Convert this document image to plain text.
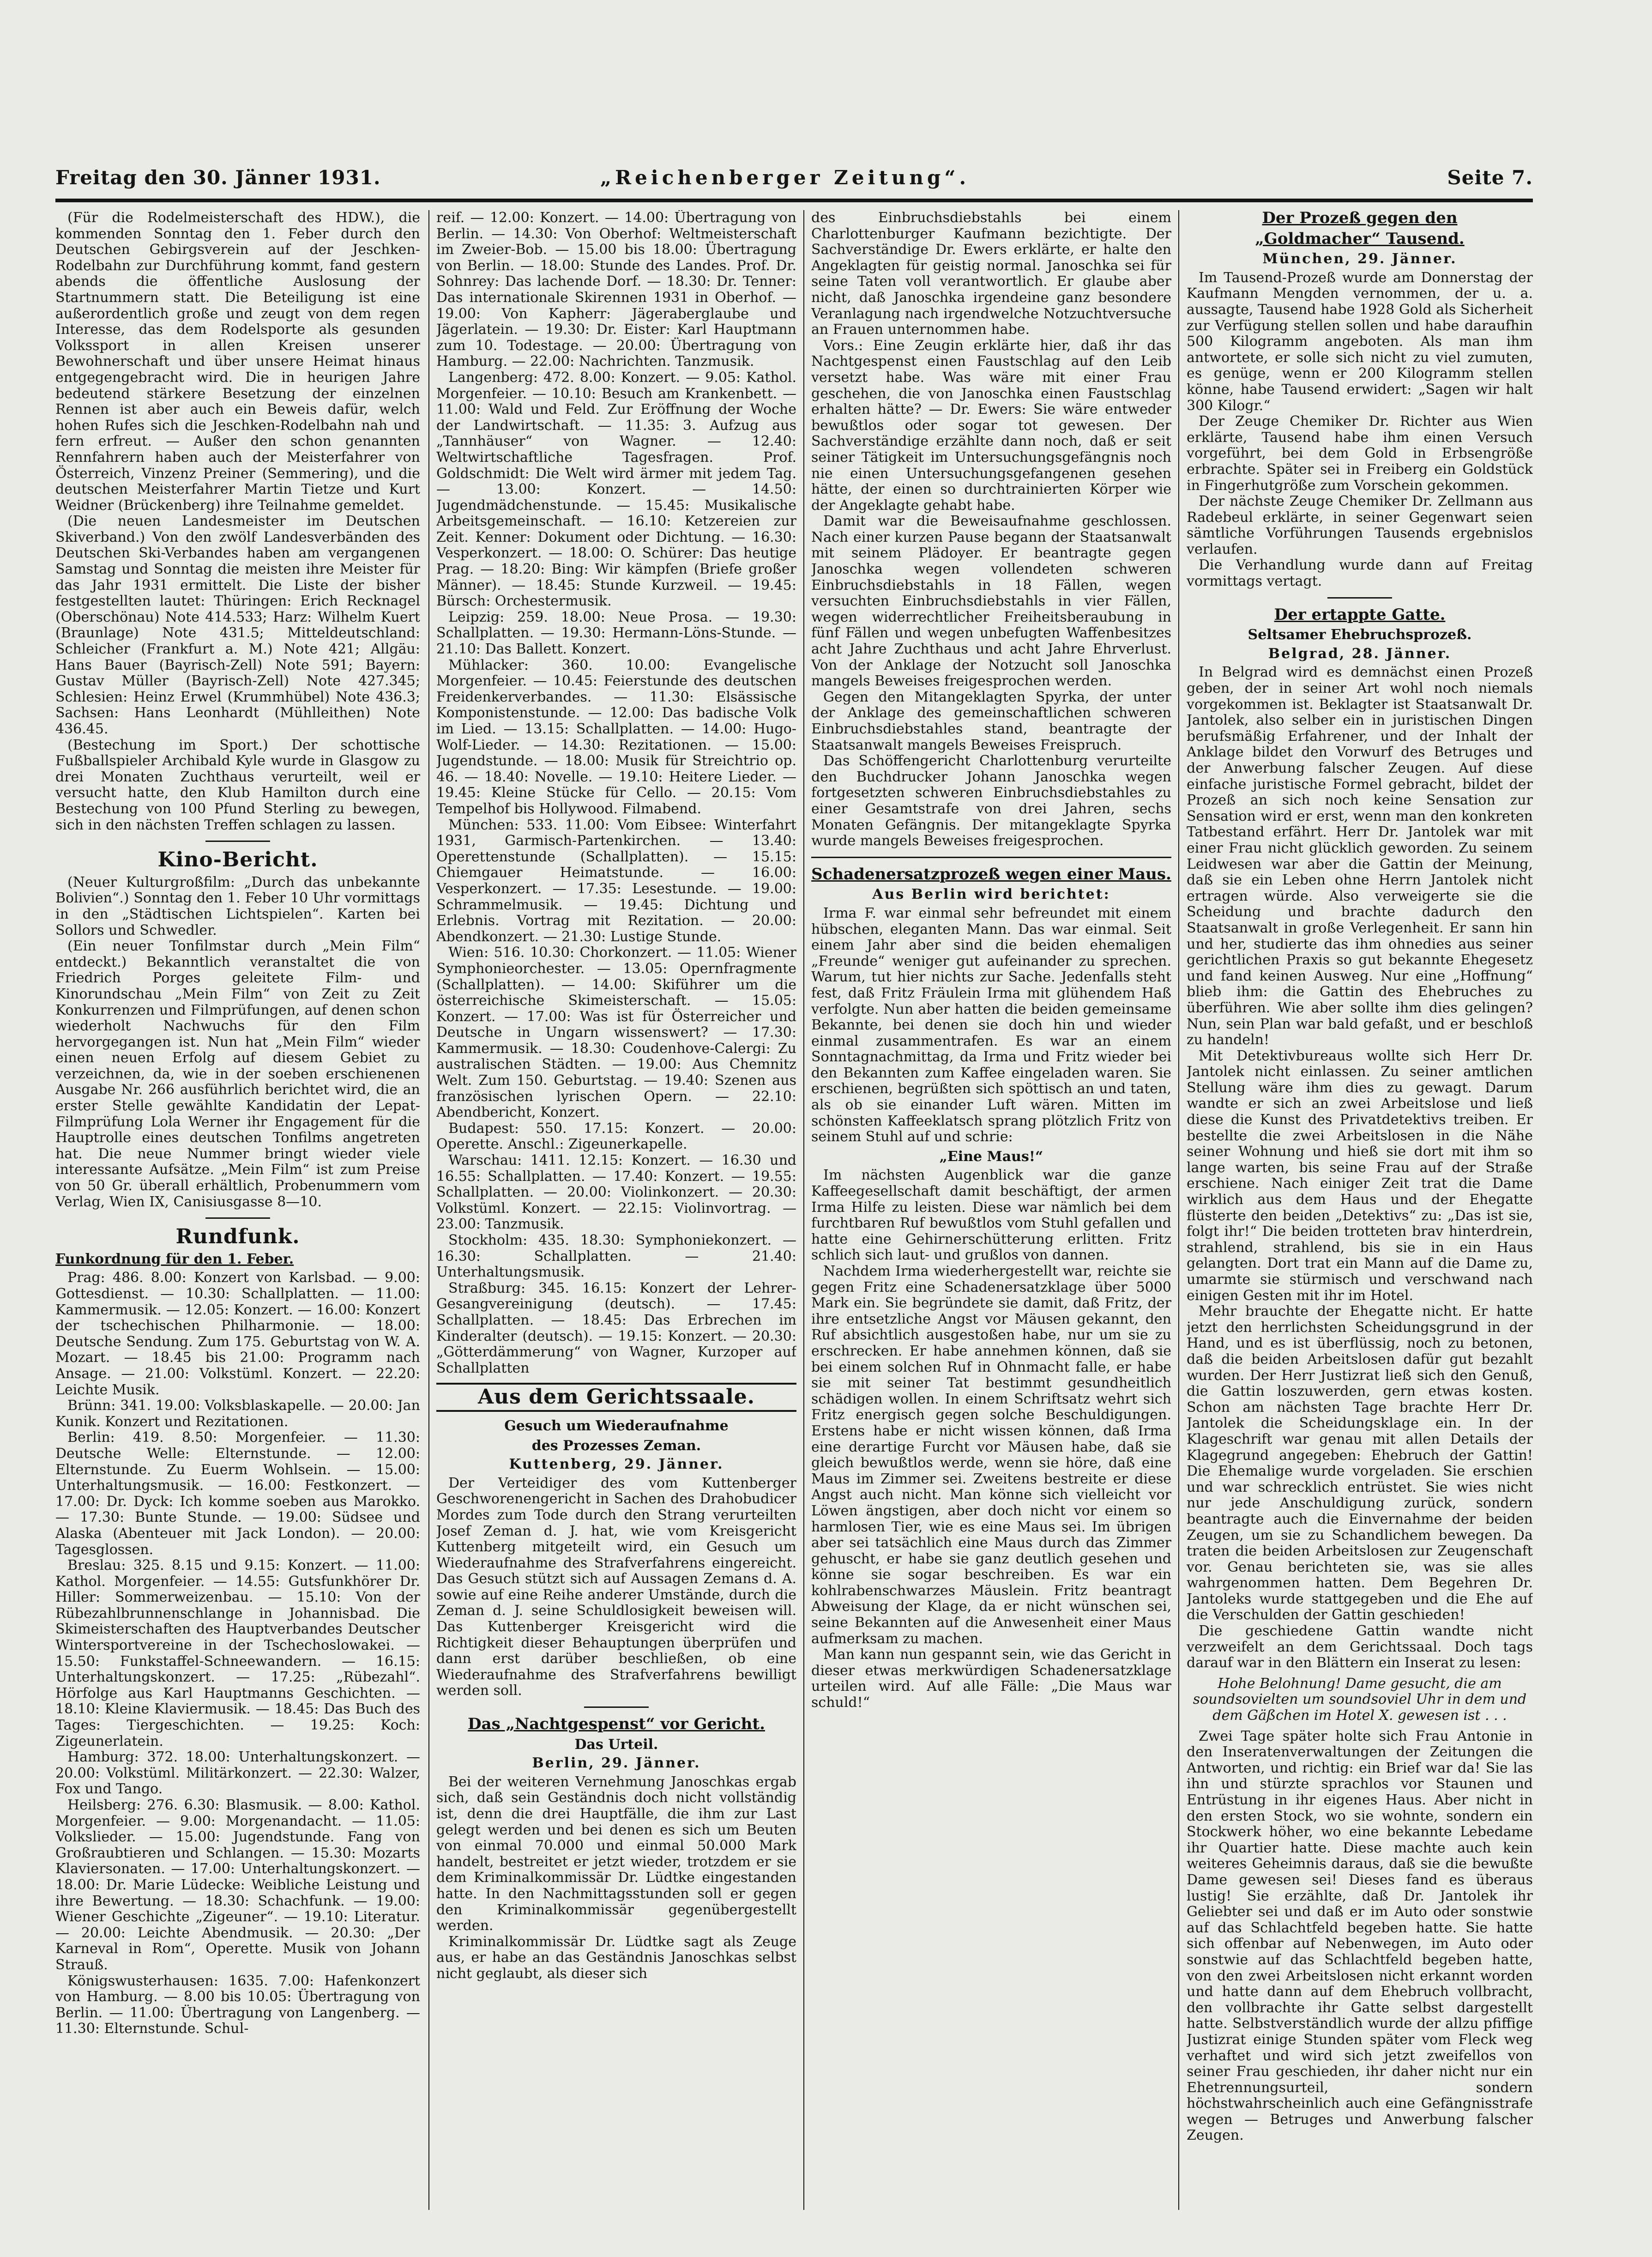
Freitag den 30. Jänner 1931.	„Reichenberger Zeitung“.	Seite 7.

(Für die Rodelmeisterschaft des HDW.), die kommenden Sonntag den 1. Feber durch den Deutschen Gebirgsverein auf der Jeschken-Rodelbahn zur Durchführung kommt, fand gestern abends die öffentliche Auslosung der Startnummern statt. Die Beteiligung ist eine außerordentlich große und zeugt von dem regen Interesse, das dem Rodelsporte als gesunden Volkssport in allen Kreisen unserer Bewohnerschaft und über unsere Heimat hinaus entgegengebracht wird. Die in heurigen Jahre bedeutend stärkere Besetzung der einzelnen Rennen ist aber auch ein Beweis dafür, welch hohen Rufes sich die Jeschken-Rodelbahn nah und fern erfreut. — Außer den schon genannten Rennfahrern haben auch der Meisterfahrer von Österreich, Vinzenz Preiner (Semmering), und die deutschen Meisterfahrer Martin Tietze und Kurt Weidner (Brückenberg) ihre Teilnahme gemeldet.

(Die neuen Landesmeister im Deutschen Skiverband.) Von den zwölf Landesverbänden des Deutschen Ski-Verbandes haben am vergangenen Samstag und Sonntag die meisten ihre Meister für das Jahr 1931 ermittelt. Die Liste der bisher festgestellten lautet: Thüringen: Erich Recknagel (Oberschönau) Note 414.533; Harz: Wilhelm Kuert (Braunlage) Note 431.5; Mitteldeutschland: Schleicher (Frankfurt a. M.) Note 421; Allgäu: Hans Bauer (Bayrisch-Zell) Note 591; Bayern: Gustav Müller (Bayrisch-Zell) Note 427.345; Schlesien: Heinz Erwel (Krummhübel) Note 436.3; Sachsen: Hans Leonhardt (Mühlleithen) Note 436.45.

(Bestechung im Sport.) Der schottische Fußballspieler Archibald Kyle wurde in Glasgow zu drei Monaten Zuchthaus verurteilt, weil er versucht hatte, den Klub Hamilton durch eine Bestechung von 100 Pfund Sterling zu bewegen, sich in den nächsten Treffen schlagen zu lassen.

Kino-Bericht.

(Neuer Kulturgroßfilm: „Durch das unbekannte Bolivien“.) Sonntag den 1. Feber 10 Uhr vormittags in den „Städtischen Lichtspielen“. Karten bei Sollors und Schwedler.

(Ein neuer Tonfilmstar durch „Mein Film“ entdeckt.) Bekanntlich veranstaltet die von Friedrich Porges geleitete Film- und Kinorundschau „Mein Film“ von Zeit zu Zeit Konkurrenzen und Filmprüfungen, auf denen schon wiederholt Nachwuchs für den Film hervorgegangen ist. Nun hat „Mein Film“ wieder einen neuen Erfolg auf diesem Gebiet zu verzeichnen, da, wie in der soeben erschienenen Ausgabe Nr. 266 ausführlich berichtet wird, die an erster Stelle gewählte Kandidatin der Lepat-Filmprüfung Lola Werner ihr Engagement für die Hauptrolle eines deutschen Tonfilms angetreten hat. Die neue Nummer bringt wieder viele interessante Aufsätze. „Mein Film“ ist zum Preise von 50 Gr. überall erhältlich, Probenummern vom Verlag, Wien IX, Canisiusgasse 8—10.

Rundfunk.
Funkordnung für den 1. Feber.

Prag: 486. 8.00: Konzert von Karlsbad. — 9.00: Gottesdienst. — 10.30: Schallplatten. — 11.00: Kammermusik. — 12.05: Konzert. — 16.00: Konzert der tschechischen Philharmonie. — 18.00: Deutsche Sendung. Zum 175. Geburtstag von W. A. Mozart. — 18.45 bis 21.00: Programm nach Ansage. — 21.00: Volkstüml. Konzert. — 22.20: Leichte Musik.

Brünn: 341. 19.00: Volksblaskapelle. — 20.00: Jan Kunik. Konzert und Rezitationen.

Berlin: 419. 8.50: Morgenfeier. — 11.30: Deutsche Welle: Elternstunde. — 12.00: Elternstunde. Zu Euerm Wohlsein. — 15.00: Unterhaltungsmusik. — 16.00: Festkonzert. — 17.00: Dr. Dyck: Ich komme soeben aus Marokko. — 17.30: Bunte Stunde. — 19.00: Südsee und Alaska (Abenteuer mit Jack London). — 20.00: Tagesglossen.

Breslau: 325. 8.15 und 9.15: Konzert. — 11.00: Kathol. Morgenfeier. — 14.55: Gutsfunkhörer Dr. Hiller: Sommerweizenbau. — 15.10: Von der Rübezahlbrunnenschlange in Johannisbad. Die Skimeisterschaften des Hauptverbandes Deutscher Wintersportvereine in der Tschechoslowakei. — 15.50: Funkstaffel-Schneewandern. — 16.15: Unterhaltungskonzert. — 17.25: „Rübezahl“. Hörfolge aus Karl Hauptmanns Geschichten. — 18.10: Kleine Klaviermusik. — 18.45: Das Buch des Tages: Tiergeschichten. — 19.25: Koch: Zigeunerlatein.

Hamburg: 372. 18.00: Unterhaltungskonzert. — 20.00: Volkstüml. Militärkonzert. — 22.30: Walzer, Fox und Tango.

Heilsberg: 276. 6.30: Blasmusik. — 8.00: Kathol. Morgenfeier. — 9.00: Morgenandacht. — 11.05: Volkslieder. — 15.00: Jugendstunde. Fang von Großraubtieren und Schlangen. — 15.30: Mozarts Klaviersonaten. — 17.00: Unterhaltungskonzert. — 18.00: Dr. Marie Lüdecke: Weibliche Leistung und ihre Bewertung. — 18.30: Schachfunk. — 19.00: Wiener Geschichte „Zigeuner“. — 19.10: Literatur. — 20.00: Leichte Abendmusik. — 20.30: „Der Karneval in Rom“, Operette. Musik von Johann Strauß.

Königswusterhausen: 1635. 7.00: Hafenkonzert von Hamburg. — 8.00 bis 10.05: Übertragung von Berlin. — 11.00: Übertragung von Langenberg. — 11.30: Elternstunde. Schul-

reif. — 12.00: Konzert. — 14.00: Übertragung von Berlin. — 14.30: Von Oberhof: Weltmeisterschaft im Zweier-Bob. — 15.00 bis 18.00: Übertragung von Berlin. — 18.00: Stunde des Landes. Prof. Dr. Sohnrey: Das lachende Dorf. — 18.30: Dr. Tenner: Das internationale Skirennen 1931 in Oberhof. — 19.00: Von Kapherr: Jägeraberglaube und Jägerlatein. — 19.30: Dr. Eister: Karl Hauptmann zum 10. Todestage. — 20.00: Übertragung von Hamburg. — 22.00: Nachrichten. Tanzmusik.

Langenberg: 472. 8.00: Konzert. — 9.05: Kathol. Morgenfeier. — 10.10: Besuch am Krankenbett. — 11.00: Wald und Feld. Zur Eröffnung der Woche der Landwirtschaft. — 11.35: 3. Aufzug aus „Tannhäuser“ von Wagner. — 12.40: Weltwirtschaftliche Tagesfragen. Prof. Goldschmidt: Die Welt wird ärmer mit jedem Tag. — 13.00: Konzert. — 14.50: Jugendmädchenstunde. — 15.45: Musikalische Arbeitsgemeinschaft. — 16.10: Ketzereien zur Zeit. Kenner: Dokument oder Dichtung. — 16.30: Vesperkonzert. — 18.00: O. Schürer: Das heutige Prag. — 18.20: Bing: Wir kämpfen (Briefe großer Männer). — 18.45: Stunde Kurzweil. — 19.45: Bürsch: Orchestermusik.

Leipzig: 259. 18.00: Neue Prosa. — 19.30: Schallplatten. — 19.30: Hermann-Löns-Stunde. — 21.10: Das Ballett. Konzert.

Mühlacker: 360. 10.00: Evangelische Morgenfeier. — 10.45: Feierstunde des deutschen Freidenkerverbandes. — 11.30: Elsässische Komponistenstunde. — 12.00: Das badische Volk im Lied. — 13.15: Schallplatten. — 14.00: Hugo-Wolf-Lieder. — 14.30: Rezitationen. — 15.00: Jugendstunde. — 18.00: Musik für Streichtrio op. 46. — 18.40: Novelle. — 19.10: Heitere Lieder. — 19.45: Kleine Stücke für Cello. — 20.15: Vom Tempelhof bis Hollywood. Filmabend.

München: 533. 11.00: Vom Eibsee: Winterfahrt 1931, Garmisch-Partenkirchen. — 13.40: Operettenstunde (Schallplatten). — 15.15: Chiemgauer Heimatstunde. — 16.00: Vesperkonzert. — 17.35: Lesestunde. — 19.00: Schrammelmusik. — 19.45: Dichtung und Erlebnis. Vortrag mit Rezitation. — 20.00: Abendkonzert. — 21.30: Lustige Stunde.

Wien: 516. 10.30: Chorkonzert. — 11.05: Wiener Symphonieorchester. — 13.05: Opernfragmente (Schallplatten). — 14.00: Skiführer um die österreichische Skimeisterschaft. — 15.05: Konzert. — 17.00: Was ist für Österreicher und Deutsche in Ungarn wissenswert? — 17.30: Kammermusik. — 18.30: Coudenhove-Calergi: Zu australischen Städten. — 19.00: Aus Chemnitz Welt. Zum 150. Geburtstag. — 19.40: Szenen aus französischen lyrischen Opern. — 22.10: Abendbericht, Konzert.

Budapest: 550. 17.15: Konzert. — 20.00: Operette. Anschl.: Zigeunerkapelle.

Warschau: 1411. 12.15: Konzert. — 16.30 und 16.55: Schallplatten. — 17.40: Konzert. — 19.55: Schallplatten. — 20.00: Violinkonzert. — 20.30: Volkstüml. Konzert. — 22.15: Violinvortrag. — 23.00: Tanzmusik.

Stockholm: 435. 18.30: Symphoniekonzert. — 16.30: Schallplatten. — 21.40: Unterhaltungsmusik.

Straßburg: 345. 16.15: Konzert der Lehrer-Gesangvereinigung (deutsch). — 17.45: Schallplatten. — 18.45: Das Erbrechen im Kinderalter (deutsch). — 19.15: Konzert. — 20.30: „Götterdämmerung“ von Wagner, Kurzoper auf Schallplatten

Aus dem Gerichtssaale.
Gesuch um Wiederaufnahme
des Prozesses Zeman.
Kuttenberg, 29. Jänner.

Der Verteidiger des vom Kuttenberger Geschworenengericht in Sachen des Drahobudicer Mordes zum Tode durch den Strang verurteilten Josef Zeman d. J. hat, wie vom Kreisgericht Kuttenberg mitgeteilt wird, ein Gesuch um Wiederaufnahme des Strafverfahrens eingereicht. Das Gesuch stützt sich auf Aussagen Zemans d. A. sowie auf eine Reihe anderer Umstände, durch die Zeman d. J. seine Schuldlosigkeit beweisen will. Das Kuttenberger Kreisgericht wird die Richtigkeit dieser Behauptungen überprüfen und dann erst darüber beschließen, ob eine Wiederaufnahme des Strafverfahrens bewilligt werden soll.

Das „Nachtgespenst“ vor Gericht.
Das Urteil.
Berlin, 29. Jänner.

Bei der weiteren Vernehmung Janoschkas ergab sich, daß sein Geständnis doch nicht vollständig ist, denn die drei Hauptfälle, die ihm zur Last gelegt werden und bei denen es sich um Beuten von einmal 70.000 und einmal 50.000 Mark handelt, bestreitet er jetzt wieder, trotzdem er sie dem Kriminalkommissär Dr. Lüdtke eingestanden hatte. In den Nachmittagsstunden soll er gegen den Kriminalkommissär gegenübergestellt werden.

Kriminalkommissär Dr. Lüdtke sagt als Zeuge aus, er habe an das Geständnis Janoschkas selbst nicht geglaubt, als dieser sich

des Einbruchsdiebstahls bei einem Charlottenburger Kaufmann bezichtigte. Der Sachverständige Dr. Ewers erklärte, er halte den Angeklagten für geistig normal. Janoschka sei für seine Taten voll verantwortlich. Er glaube aber nicht, daß Janoschka irgendeine ganz besondere Veranlagung nach irgendwelche Notzuchtversuche an Frauen unternommen habe.

Vors.: Eine Zeugin erklärte hier, daß ihr das Nachtgespenst einen Faustschlag auf den Leib versetzt habe. Was wäre mit einer Frau geschehen, die von Janoschka einen Faustschlag erhalten hätte? — Dr. Ewers: Sie wäre entweder bewußtlos oder sogar tot gewesen. Der Sachverständige erzählte dann noch, daß er seit seiner Tätigkeit im Untersuchungsgefängnis noch nie einen Untersuchungsgefangenen gesehen hätte, der einen so durchtrainierten Körper wie der Angeklagte gehabt habe.

Damit war die Beweisaufnahme geschlossen. Nach einer kurzen Pause begann der Staatsanwalt mit seinem Plädoyer. Er beantragte gegen Janoschka wegen vollendeten schweren Einbruchsdiebstahls in 18 Fällen, wegen versuchten Einbruchsdiebstahls in vier Fällen, wegen widerrechtlicher Freiheitsberaubung in fünf Fällen und wegen unbefugten Waffenbesitzes acht Jahre Zuchthaus und acht Jahre Ehrverlust. Von der Anklage der Notzucht soll Janoschka mangels Beweises freigesprochen werden.

Gegen den Mitangeklagten Spyrka, der unter der Anklage des gemeinschaftlichen schweren Einbruchsdiebstahles stand, beantragte der Staatsanwalt mangels Beweises Freispruch.

Das Schöffengericht Charlottenburg verurteilte den Buchdrucker Johann Janoschka wegen fortgesetzten schweren Einbruchsdiebstahles zu einer Gesamtstrafe von drei Jahren, sechs Monaten Gefängnis. Der mitangeklagte Spyrka wurde mangels Beweises freigesprochen.

Schadenersatzprozeß wegen einer Maus.
Aus Berlin wird berichtet:

Irma F. war einmal sehr befreundet mit einem hübschen, eleganten Mann. Das war einmal. Seit einem Jahr aber sind die beiden ehemaligen „Freunde“ weniger gut aufeinander zu sprechen. Warum, tut hier nichts zur Sache. Jedenfalls steht fest, daß Fritz Fräulein Irma mit glühendem Haß verfolgte. Nun aber hatten die beiden gemeinsame Bekannte, bei denen sie doch hin und wieder einmal zusammentrafen. Es war an einem Sonntagnachmittag, da Irma und Fritz wieder bei den Bekannten zum Kaffee eingeladen waren. Sie erschienen, begrüßten sich spöttisch an und taten, als ob sie einander Luft wären. Mitten im schönsten Kaffeeklatsch sprang plötzlich Fritz von seinem Stuhl auf und schrie:

„Eine Maus!“

Im nächsten Augenblick war die ganze Kaffeegesellschaft damit beschäftigt, der armen Irma Hilfe zu leisten. Diese war nämlich bei dem furchtbaren Ruf bewußtlos vom Stuhl gefallen und hatte eine Gehirnerschütterung erlitten. Fritz schlich sich laut- und grußlos von dannen.

Nachdem Irma wiederhergestellt war, reichte sie gegen Fritz eine Schadenersatzklage über 5000 Mark ein. Sie begründete sie damit, daß Fritz, der ihre entsetzliche Angst vor Mäusen gekannt, den Ruf absichtlich ausgestoßen habe, nur um sie zu erschrecken. Er habe annehmen können, daß sie bei einem solchen Ruf in Ohnmacht falle, er habe sie mit seiner Tat bestimmt gesundheitlich schädigen wollen. In einem Schriftsatz wehrt sich Fritz energisch gegen solche Beschuldigungen. Erstens habe er nicht wissen können, daß Irma eine derartige Furcht vor Mäusen habe, daß sie gleich bewußtlos werde, wenn sie höre, daß eine Maus im Zimmer sei. Zweitens bestreite er diese Angst auch nicht. Man könne sich vielleicht vor Löwen ängstigen, aber doch nicht vor einem so harmlosen Tier, wie es eine Maus sei. Im übrigen aber sei tatsächlich eine Maus durch das Zimmer gehuscht, er habe sie ganz deutlich gesehen und könne sie sogar beschreiben. Es war ein kohlrabenschwarzes Mäuslein. Fritz beantragt Abweisung der Klage, da er nicht wünschen sei, seine Bekannten auf die Anwesenheit einer Maus aufmerksam zu machen.

Man kann nun gespannt sein, wie das Gericht in dieser etwas merkwürdigen Schadenersatzklage urteilen wird. Auf alle Fälle: „Die Maus war schuld!“

Der Prozeß gegen den
„Goldmacher“ Tausend.
München, 29. Jänner.

Im Tausend-Prozeß wurde am Donnerstag der Kaufmann Mengden vernommen, der u. a. aussagte, Tausend habe 1928 Gold als Sicherheit zur Verfügung stellen sollen und habe daraufhin 500 Kilogramm angeboten. Als man ihm antwortete, er solle sich nicht zu viel zumuten, es genüge, wenn er 200 Kilogramm stellen könne, habe Tausend erwidert: „Sagen wir halt 300 Kilogr.“

Der Zeuge Chemiker Dr. Richter aus Wien erklärte, Tausend habe ihm einen Versuch vorgeführt, bei dem Gold in Erbsengröße erbrachte. Später sei in Freiberg ein Goldstück in Fingerhutgröße zum Vorschein gekommen.

Der nächste Zeuge Chemiker Dr. Zellmann aus Radebeul erklärte, in seiner Gegenwart seien sämtliche Vorführungen Tausends ergebnislos verlaufen.

Die Verhandlung wurde dann auf Freitag vormittags vertagt.

Der ertappte Gatte.
Seltsamer Ehebruchsprozeß.
Belgrad, 28. Jänner.

In Belgrad wird es demnächst einen Prozeß geben, der in seiner Art wohl noch niemals vorgekommen ist. Beklagter ist Staatsanwalt Dr. Jantolek, also selber ein in juristischen Dingen berufsmäßig Erfahrener, und der Inhalt der Anklage bildet den Vorwurf des Betruges und der Anwerbung falscher Zeugen. Auf diese einfache juristische Formel gebracht, bildet der Prozeß an sich noch keine Sensation zur Sensation wird er erst, wenn man den konkreten Tatbestand erfährt. Herr Dr. Jantolek war mit einer Frau nicht glücklich geworden. Zu seinem Leidwesen war aber die Gattin der Meinung, daß sie ein Leben ohne Herrn Jantolek nicht ertragen würde. Also verweigerte sie die Scheidung und brachte dadurch den Staatsanwalt in große Verlegenheit. Er sann hin und her, studierte das ihm ohnedies aus seiner gerichtlichen Praxis so gut bekannte Ehegesetz und fand keinen Ausweg. Nur eine „Hoffnung“ blieb ihm: die Gattin des Ehebruches zu überführen. Wie aber sollte ihm dies gelingen? Nun, sein Plan war bald gefaßt, und er beschloß zu handeln!

Mit Detektivbureaus wollte sich Herr Dr. Jantolek nicht einlassen. Zu seiner amtlichen Stellung wäre ihm dies zu gewagt. Darum wandte er sich an zwei Arbeitslose und ließ diese die Kunst des Privatdetektivs treiben. Er bestellte die zwei Arbeitslosen in die Nähe seiner Wohnung und hieß sie dort mit ihm so lange warten, bis seine Frau auf der Straße erschiene. Nach einiger Zeit trat die Dame wirklich aus dem Haus und der Ehegatte flüsterte den beiden „Detektivs“ zu: „Das ist sie, folgt ihr!“ Die beiden trotteten brav hinterdrein, strahlend, strahlend, bis sie in ein Haus gelangten. Dort trat ein Mann auf die Dame zu, umarmte sie stürmisch und verschwand nach einigen Gesten mit ihr im Hotel.

Mehr brauchte der Ehegatte nicht. Er hatte jetzt den herrlichsten Scheidungsgrund in der Hand, und es ist überflüssig, noch zu betonen, daß die beiden Arbeitslosen dafür gut bezahlt wurden. Der Herr Justizrat ließ sich den Genuß, die Gattin loszuwerden, gern etwas kosten. Schon am nächsten Tage brachte Herr Dr. Jantolek die Scheidungsklage ein. In der Klageschrift war genau mit allen Details der Klagegrund angegeben: Ehebruch der Gattin! Die Ehemalige wurde vorgeladen. Sie erschien und war schrecklich entrüstet. Sie wies nicht nur jede Anschuldigung zurück, sondern beantragte auch die Einvernahme der beiden Zeugen, um sie zu Schandlichem bewegen. Da traten die beiden Arbeitslosen zur Zeugenschaft vor. Genau berichteten sie, was sie alles wahrgenommen hatten. Dem Begehren Dr. Jantoleks wurde stattgegeben und die Ehe auf die Verschulden der Gattin geschieden!

Die geschiedene Gattin wandte nicht verzweifelt an dem Gerichtssaal. Doch tags darauf war in den Blättern ein Inserat zu lesen:

Hohe Belohnung! Dame gesucht, die am soundsovielten um soundsoviel Uhr in dem und dem Gäßchen im Hotel X. gewesen ist . . .

Zwei Tage später holte sich Frau Antonie in den Inseratenverwaltungen der Zeitungen die Antworten, und richtig: ein Brief war da! Sie las ihn und stürzte sprachlos vor Staunen und Entrüstung in ihr eigenes Haus. Aber nicht in den ersten Stock, wo sie wohnte, sondern ein Stockwerk höher, wo eine bekannte Lebedame ihr Quartier hatte. Diese machte auch kein weiteres Geheimnis daraus, daß sie die bewußte Dame gewesen sei! Dieses fand es überaus lustig! Sie erzählte, daß Dr. Jantolek ihr Geliebter sei und daß er im Auto oder sonstwie auf das Schlachtfeld begeben hatte. Sie hatte sich offenbar auf Nebenwegen, im Auto oder sonstwie auf das Schlachtfeld begeben hatte, von den zwei Arbeitslosen nicht erkannt worden und hatte dann auf dem Ehebruch vollbracht, den vollbrachte ihr Gatte selbst dargestellt hatte. Selbstverständlich wurde der allzu pfiffige Justizrat einige Stunden später vom Fleck weg verhaftet und wird sich jetzt zweifellos von seiner Frau geschieden, ihr daher nicht nur ein Ehetrennungsurteil, sondern höchstwahrscheinlich auch eine Gefängnisstrafe wegen — Betruges und Anwerbung falscher Zeugen.
